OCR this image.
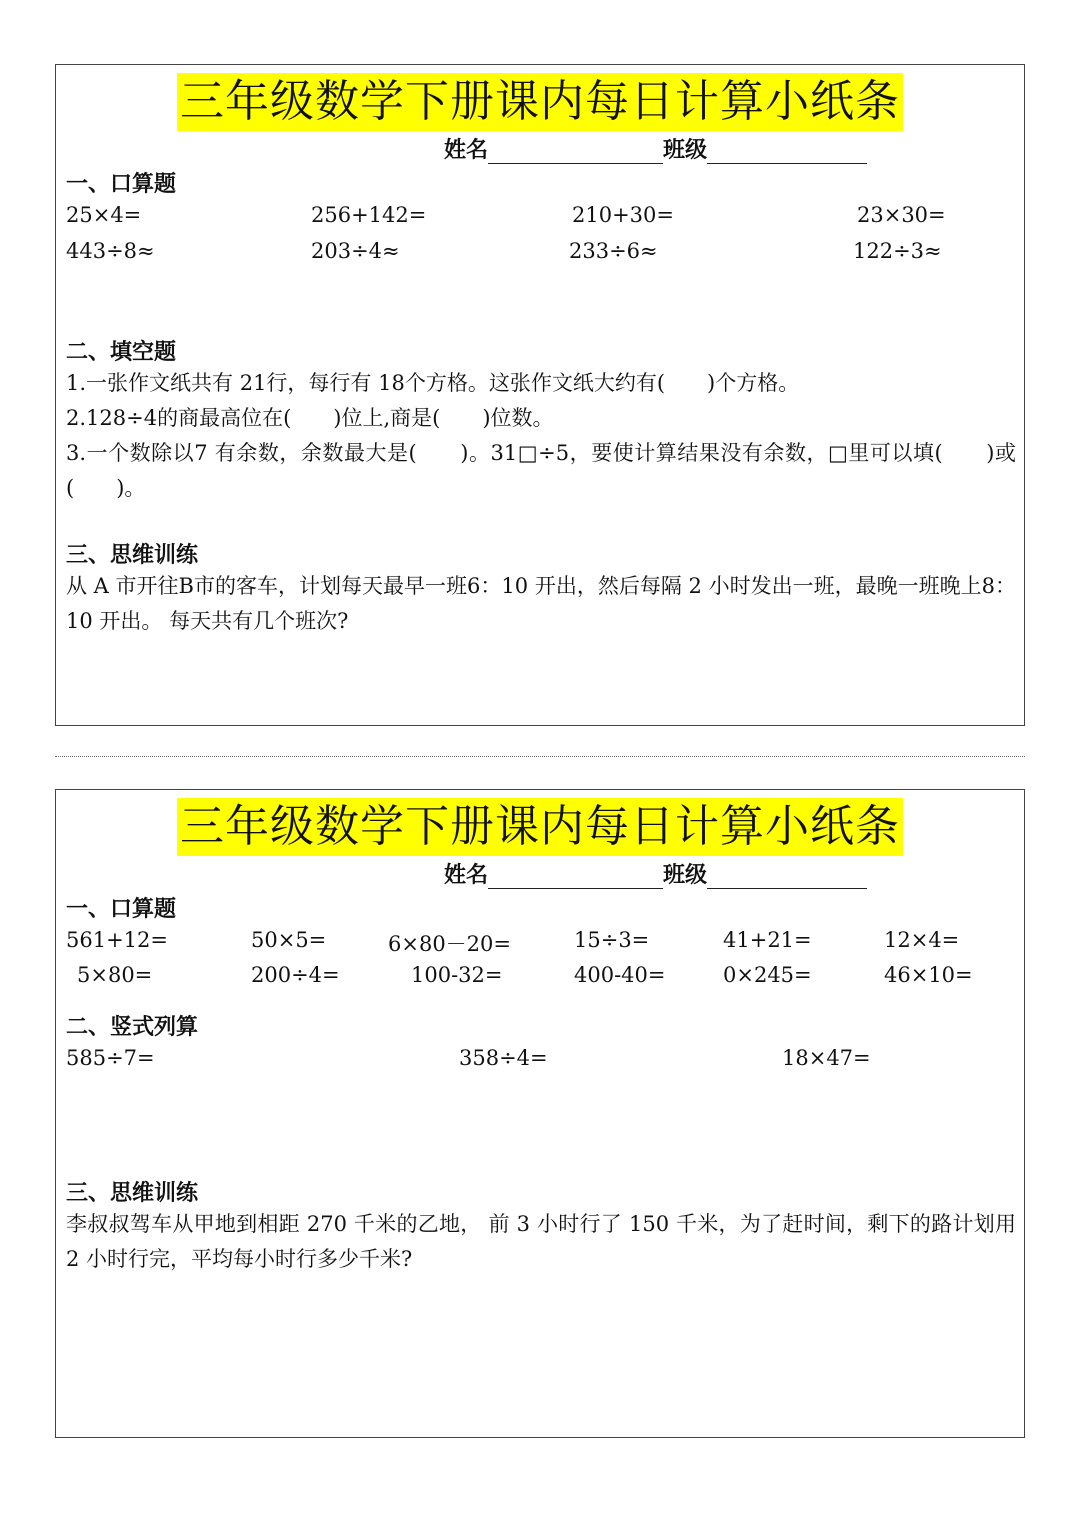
三年级数学下册课内每日计算小纸条
姓名	班级
一、口算题
25×4=	256+142=	210+30=	23×30=
443÷8≈	203÷4≈	233÷6≈	122÷3≈
二、填空题
1.一张作文纸共有 21行，每行有 18个方格。这张作文纸大约有(　　)个方格。
2.128÷4的商最高位在(　　)位上,商是(　　)位数。
3.一个数除以7 有余数，余数最大是(　　)。31□÷5，要使计算结果没有余数，□里可以填(　　)或(　　)。
三、思维训练
从 A 市开往B市的客车，计划每天最早一班6：10 开出，然后每隔 2 小时发出一班，最晚一班晚上8：10 开出。 每天共有几个班次?
三年级数学下册课内每日计算小纸条
姓名	班级
一、口算题
561+12=	50×5=	6×80－20=	15÷3=	41+21=	12×4=
5×80=	200÷4=	100-32=	400-40=	0×245=	46×10=
二、竖式列算
585÷7=	358÷4=	18×47=
三、思维训练
李叔叔驾车从甲地到相距 270 千米的乙地， 前 3 小时行了 150 千米，为了赶时间，剩下的路计划用 2 小时行完，平均每小时行多少千米?
